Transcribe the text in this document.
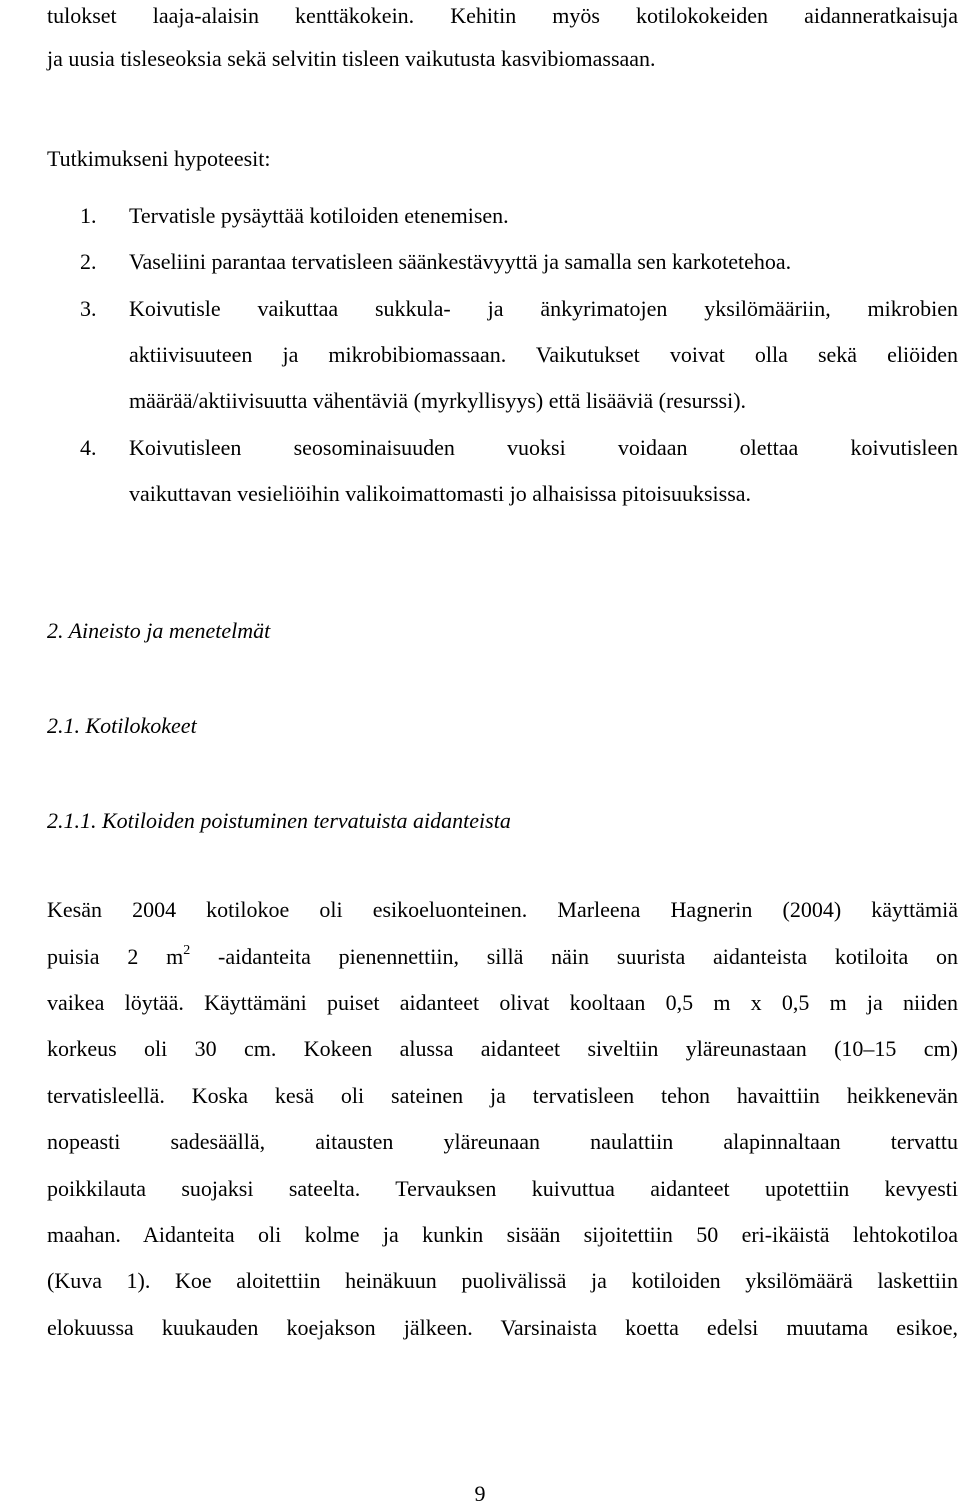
tulokset laaja-alaisin kenttäkokein. Kehitin myös kotilokokeiden aidanneratkaisuja
ja uusia tisleseoksia sekä selvitin tisleen vaikutusta kasvibiomassaan.
Tutkimukseni hypoteesit:
1. Tervatisle pysäyttää kotiloiden etenemisen.
2. Vaseliini parantaa tervatisleen säänkestävyyttä ja samalla sen karkotetehoa.
3. Koivutisle vaikuttaa sukkula- ja änkyrimatojen yksilömääriin, mikrobien
aktiivisuuteen ja mikrobibiomassaan. Vaikutukset voivat olla sekä eliöiden
määrää/aktiivisuutta vähentäviä (myrkyllisyys) että lisääviä (resurssi).
4. Koivutisleen seosominaisuuden vuoksi voidaan olettaa koivutisleen
vaikuttavan vesieliöihin valikoimattomasti jo alhaisissa pitoisuuksissa.
2. Aineisto ja menetelmät
2.1. Kotilokokeet
2.1.1. Kotiloiden poistuminen tervatuista aidanteista
Kesän 2004 kotilokoe oli esikoeluonteinen. Marleena Hagnerin (2004) käyttämiä
puisia 2 $m^2$ -aidanteita pienennettiin, sillä näin suurista aidanteista kotiloita on
vaikea löytää. Käyttämäni puiset aidanteet olivat kooltaan 0,5 m x 0,5 m ja niiden
korkeus oli 30 cm. Kokeen alussa aidanteet siveltiin yläreunastaan (10–15 cm)
tervatisleellä. Koska kesä oli sateinen ja tervatisleen tehon havaittiin heikkenevän
nopeasti sadesäällä, aitausten yläreunaan naulattiin alapinnaltaan tervattu
poikkilauta suojaksi sateelta. Tervauksen kuivuttua aidanteet upotettiin kevyesti
maahan. Aidanteita oli kolme ja kunkin sisään sijoitettiin 50 eri-ikäistä lehtokotiloa
(Kuva 1). Koe aloitettiin heinäkuun puolivälissä ja kotiloiden yksilömäärä laskettiin
elokuussa kuukauden koejakson jälkeen. Varsinaista koetta edelsi muutama esikoe,
9
